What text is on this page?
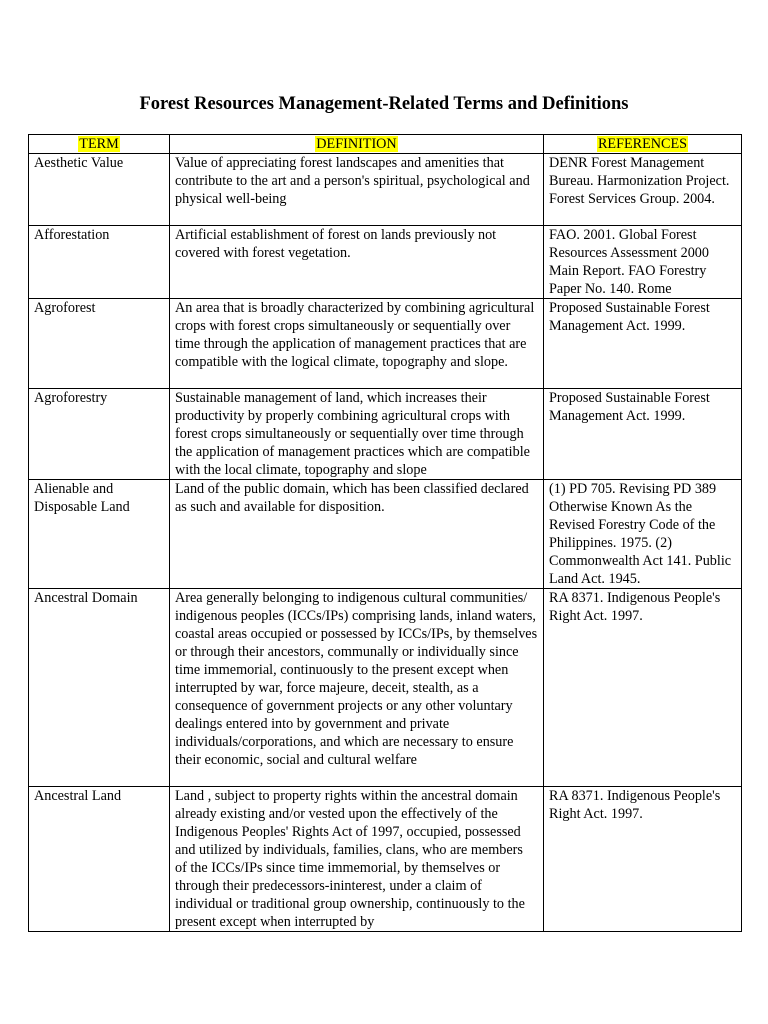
Forest Resources Management-Related Terms and Definitions
TERM	DEFINITION	REFERENCES
Aesthetic Value	Value of appreciating forest landscapes and amenities that contribute to the art and a person's spiritual, psychological and physical well-being	DENR Forest Management Bureau. Harmonization Project. Forest Services Group. 2004.
Afforestation	Artificial establishment of forest on lands previously not covered with forest vegetation.	FAO. 2001. Global Forest Resources Assessment 2000 Main Report. FAO Forestry Paper No. 140. Rome
Agroforest	An area that is broadly characterized by combining agricultural crops with forest crops simultaneously or sequentially over time through the application of management practices that are compatible with the logical climate, topography and slope.	Proposed Sustainable Forest Management Act. 1999.
Agroforestry	Sustainable management of land, which increases their productivity by properly combining agricultural crops with forest crops simultaneously or sequentially over time through the application of management practices which are compatible with the local climate, topography and slope	Proposed Sustainable Forest Management Act. 1999.
Alienable and Disposable Land	Land of the public domain, which has been classified declared as such and available for disposition.	(1) PD 705. Revising PD 389 Otherwise Known As the Revised Forestry Code of the Philippines. 1975. (2) Commonwealth Act 141. Public Land Act. 1945.
Ancestral Domain	Area generally belonging to indigenous cultural communities/ indigenous peoples (ICCs/IPs) comprising lands, inland waters, coastal areas occupied or possessed by ICCs/IPs, by themselves or through their ancestors, communally or individually since time immemorial, continuously to the present except when interrupted by war, force majeure, deceit, stealth, as a consequence of government projects or any other voluntary dealings entered into by government and private individuals/corporations, and which are necessary to ensure their economic, social and cultural welfare	RA 8371. Indigenous People's Right Act. 1997.
Ancestral Land	Land , subject to property rights within the ancestral domain already existing and/or vested upon the effectively of the Indigenous Peoples' Rights Act of 1997, occupied, possessed and utilized by individuals, families, clans, who are members of the ICCs/IPs since time immemorial, by themselves or through their predecessors-ininterest, under a claim of individual or traditional group ownership, continuously to the present except when interrupted by	RA 8371. Indigenous People's Right Act. 1997.
